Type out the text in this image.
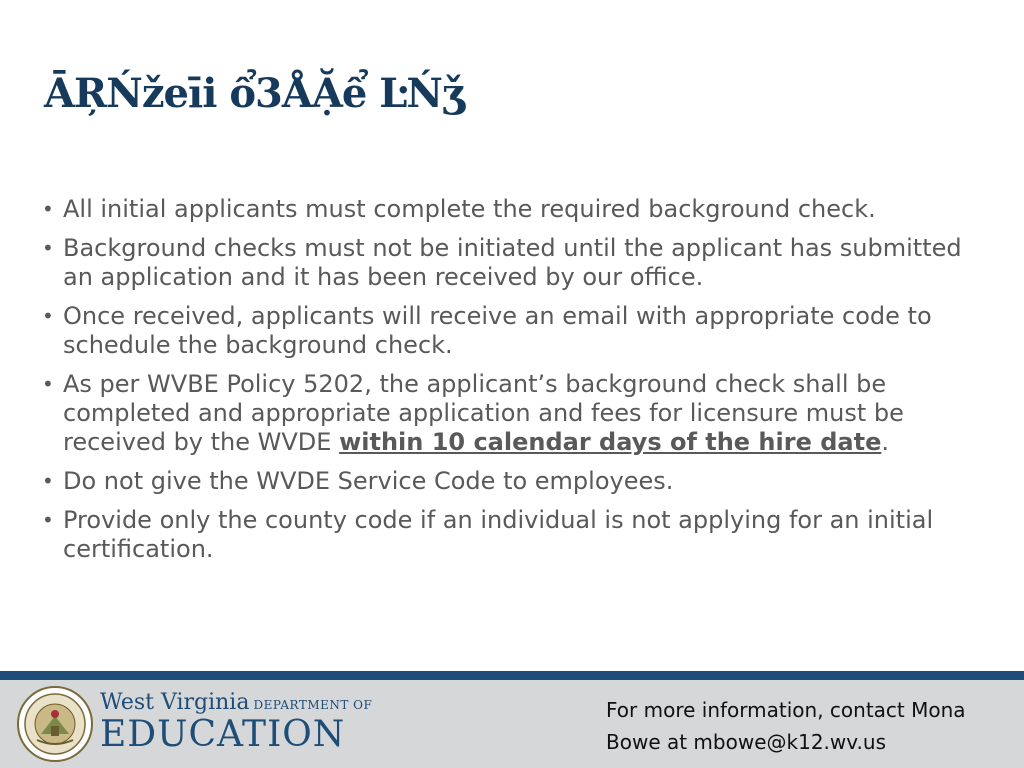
ĀŖŃžeīi ổ3ÅẶể ĿŃǯ
• All initial applicants must complete the required background check.
• Background checks must not be initiated until the applicant has submitted an application and it has been received by our office.
• Once received, applicants will receive an email with appropriate code to schedule the background check.
• As per WVBE Policy 5202, the applicant’s background check shall be completed and appropriate application and fees for licensure must be received by the WVDE within 10 calendar days of the hire date.
• Do not give the WVDE Service Code to employees.
• Provide only the county code if an individual is not applying for an initial certification.
West Virginia DEPARTMENT OF
EDUCATION
For more information, contact Mona Bowe at mbowe@k12.wv.us
